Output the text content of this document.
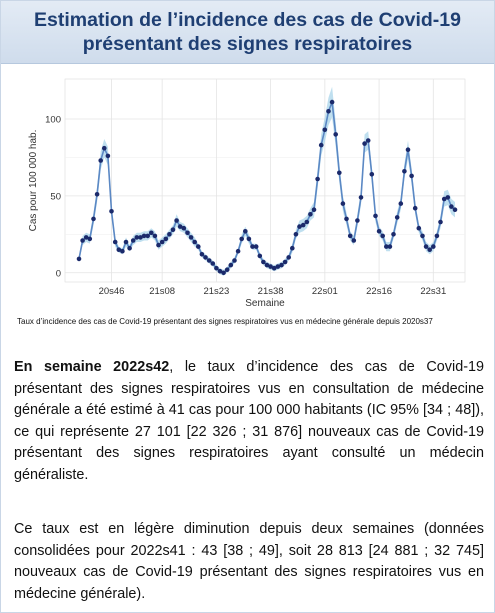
Estimation de l’incidence des cas de Covid-19
présentant des signes respiratoires
0
50
100
20s46	21s08	21s23	21s38	22s01	22s16	22s31
Semaine
Cas pour 100 000 hab.
Taux d’incidence des cas de Covid-19 présentant des signes respiratoires vus en médecine générale depuis 2020s37

En semaine 2022s42, le taux d’incidence des cas de Covid-19 présentant des signes respiratoires vus en consultation de médecine générale a été estimé à 41 cas pour 100 000 habitants (IC 95% [34 ; 48]), ce qui représente 27 101 [22 326 ; 31 876] nouveaux cas de Covid-19 présentant des signes respiratoires ayant consulté un médecin généraliste.

Ce taux est en légère diminution depuis deux semaines (données consolidées pour 2022s41 : 43 [38 ; 49], soit 28 813 [24 881 ; 32 745] nouveaux cas de Covid-19 présentant des signes respiratoires vus en médecine générale).
